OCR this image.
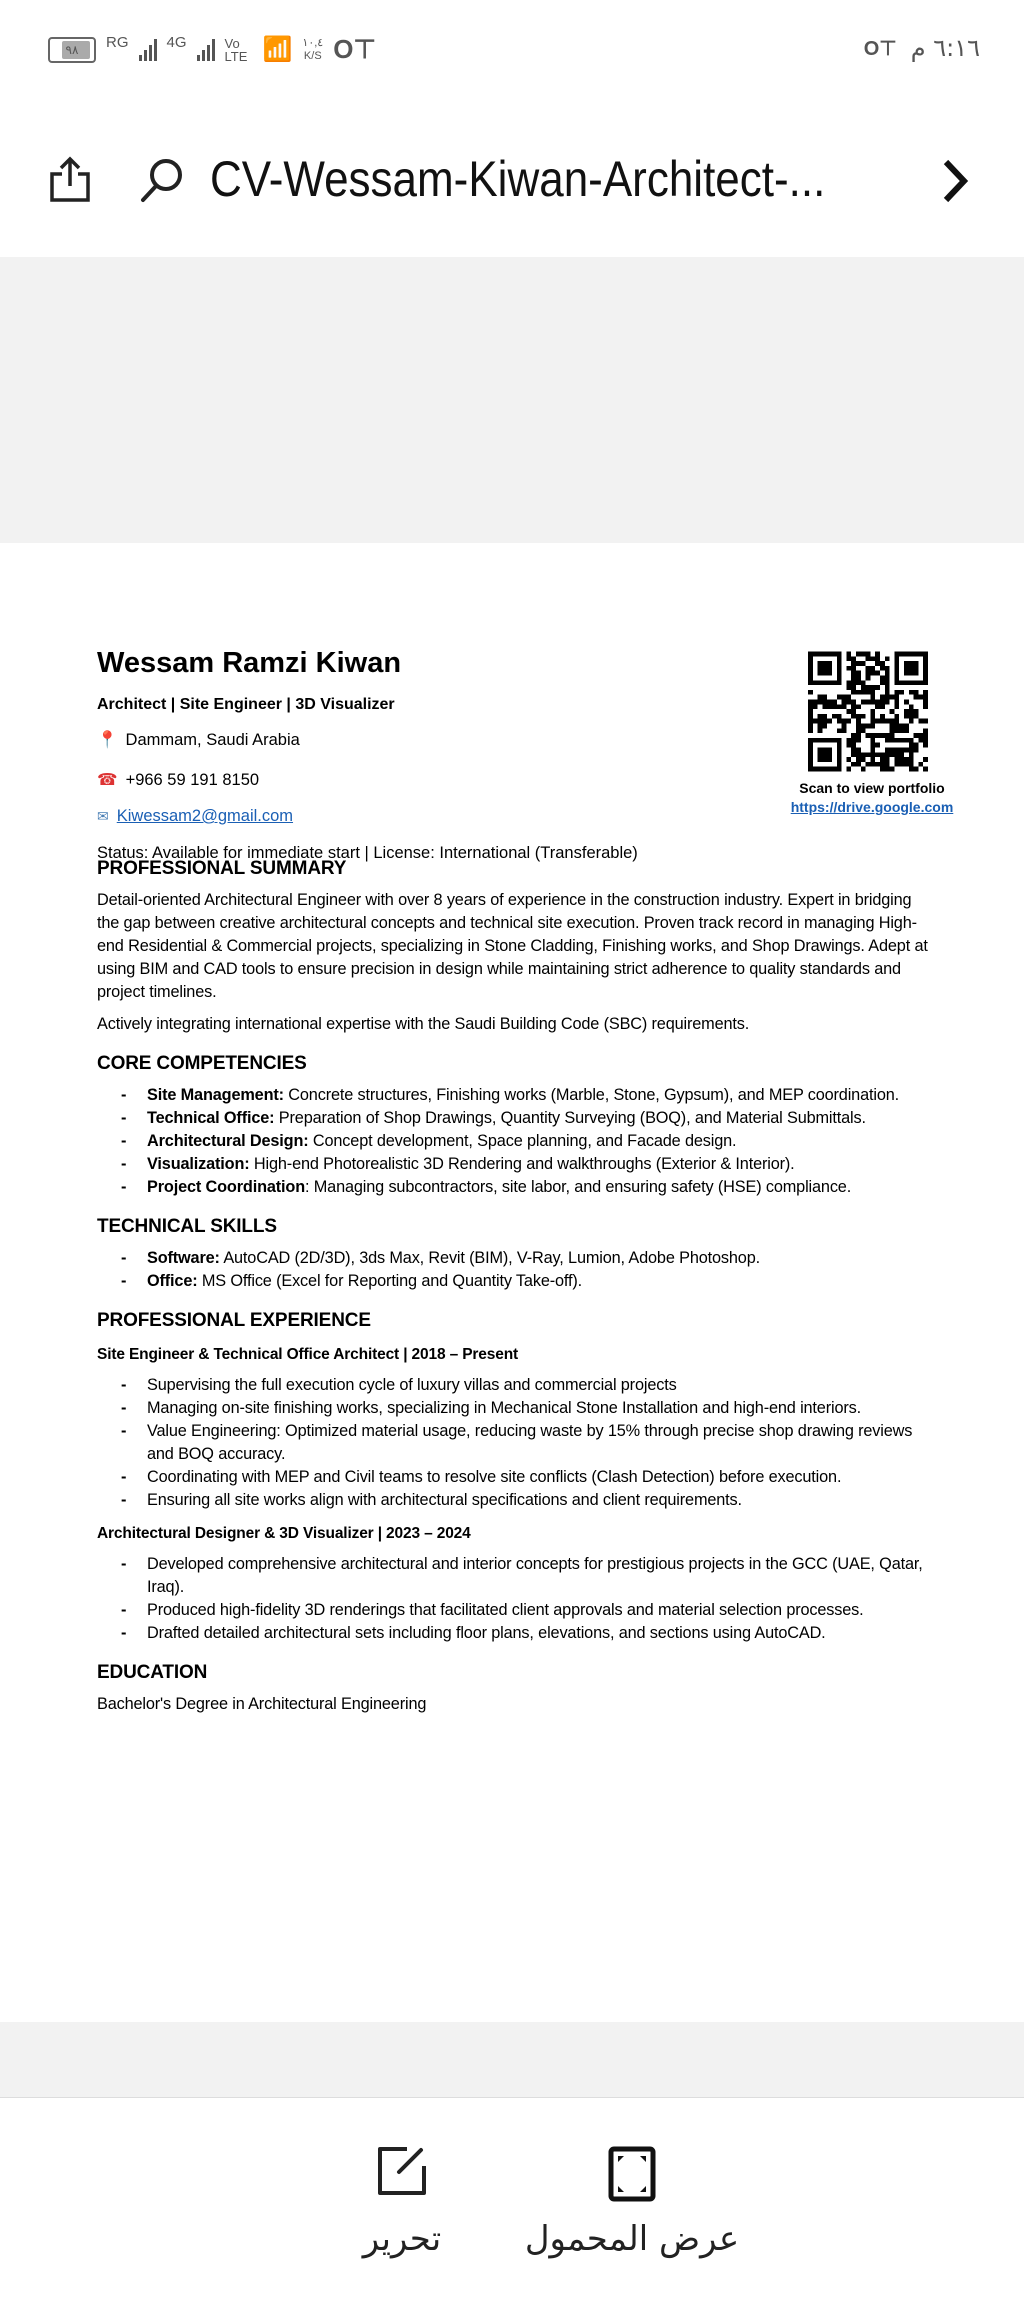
٩٨	RG	4G	Vo LTE 📶 ١٠,٤
K/S O⊤	O⊤ ٦:١٦ م
CV-Wessam-Kiwan-Architect-...
Wessam Ramzi Kiwan
Architect | Site Engineer | 3D Visualizer
📍 Dammam, Saudi Arabia
☎ +966 59 191 8150
✉ Kiwessam2@gmail.com
Status: Available for immediate start | License: International (Transferable)
Scan to view portfolio
https://drive.google.com
PROFESSIONAL SUMMARY

Detail-oriented Architectural Engineer with over 8 years of experience in the construction industry. Expert in bridging the gap between creative architectural concepts and technical site execution. Proven track record in managing High-end Residential & Commercial projects, specializing in Stone Cladding, Finishing works, and Shop Drawings. Adept at using BIM and CAD tools to ensure precision in design while maintaining strict adherence to quality standards and project timelines.

Actively integrating international expertise with the Saudi Building Code (SBC) requirements.

CORE COMPETENCIES
- Site Management: Concrete structures, Finishing works (Marble, Stone, Gypsum), and MEP coordination.
- Technical Office: Preparation of Shop Drawings, Quantity Surveying (BOQ), and Material Submittals.
- Architectural Design: Concept development, Space planning, and Facade design.
- Visualization: High-end Photorealistic 3D Rendering and walkthroughs (Exterior & Interior).
- Project Coordination: Managing subcontractors, site labor, and ensuring safety (HSE) compliance.
TECHNICAL SKILLS
- Software: AutoCAD (2D/3D), 3ds Max, Revit (BIM), V-Ray, Lumion, Adobe Photoshop.
- Office: MS Office (Excel for Reporting and Quantity Take-off).
PROFESSIONAL EXPERIENCE
Site Engineer & Technical Office Architect | 2018 – Present
- Supervising the full execution cycle of luxury villas and commercial projects
- Managing on-site finishing works, specializing in Mechanical Stone Installation and high-end interiors.
- Value Engineering: Optimized material usage, reducing waste by 15% through precise shop drawing reviews and BOQ accuracy.
- Coordinating with MEP and Civil teams to resolve site conflicts (Clash Detection) before execution.
- Ensuring all site works align with architectural specifications and client requirements.
Architectural Designer & 3D Visualizer | 2023 – 2024
- Developed comprehensive architectural and interior concepts for prestigious projects in the GCC (UAE, Qatar, Iraq).
- Produced high-fidelity 3D renderings that facilitated client approvals and material selection processes.
- Drafted detailed architectural sets including floor plans, elevations, and sections using AutoCAD.
EDUCATION

Bachelor's Degree in Architectural Engineering

تحرير	عرض المحمول
